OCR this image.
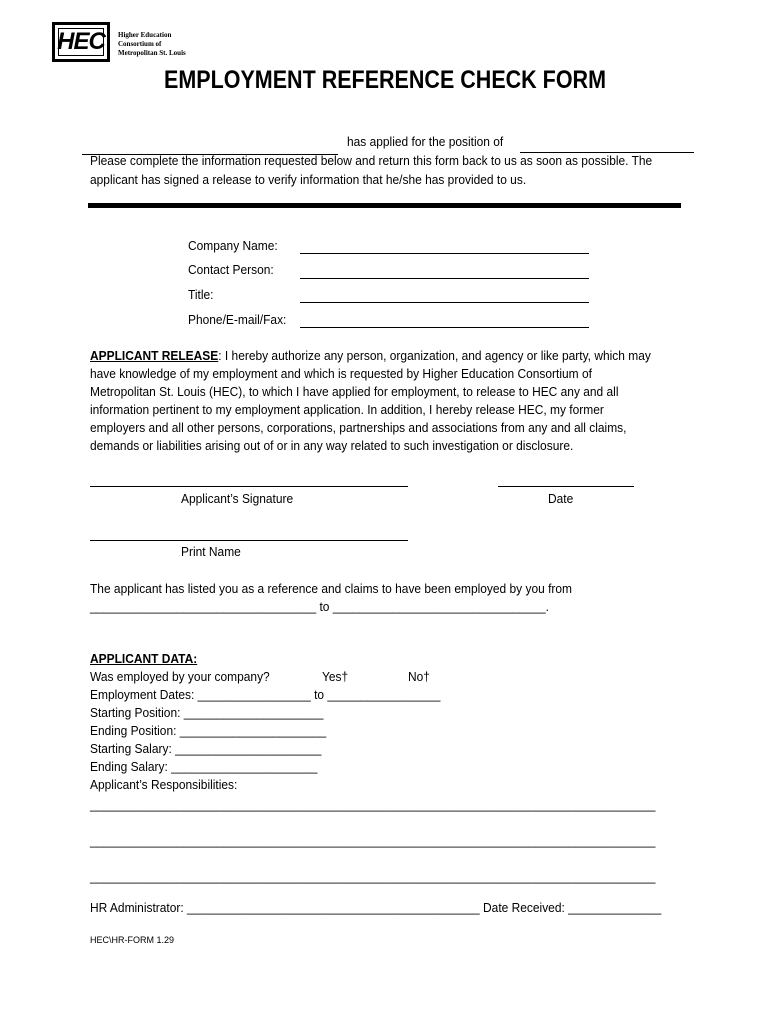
HEC Higher Education
Consortium of
Metropolitan St. Louis
EMPLOYMENT REFERENCE CHECK FORM
has applied for the position of
Please complete the information requested below and return this form back to us as soon as possible. The
applicant has signed a release to verify information that he/she has provided to us.
Company Name:
Contact Person:
Title:
Phone/E-mail/Fax:
APPLICANT RELEASE: I hereby authorize any person, organization, and agency or like party, which may
have knowledge of my employment and which is requested by Higher Education Consortium of
Metropolitan St. Louis (HEC), to which I have applied for employment, to release to HEC any and all
information pertinent to my employment application. In addition, I hereby release HEC, my former
employers and all other persons, corporations, partnerships and associations from any and all claims,
demands or liabilities arising out of or in any way related to such investigation or disclosure.
Applicant’s Signature	Date
Print Name
The applicant has listed you as a reference and claims to have been employed by you from
__________________________________ to ________________________________.
APPLICANT DATA:
Was employed by your company?	Yes†	No†
Employment Dates: _________________ to _________________
Starting Position: _____________________
Ending Position: ______________________
Starting Salary: ______________________
Ending Salary: ______________________
Applicant’s Responsibilities:
_____________________________________________________________________________________
_____________________________________________________________________________________
_____________________________________________________________________________________
HR Administrator: ____________________________________________ Date Received: ______________
HEC\HR-FORM 1.29
